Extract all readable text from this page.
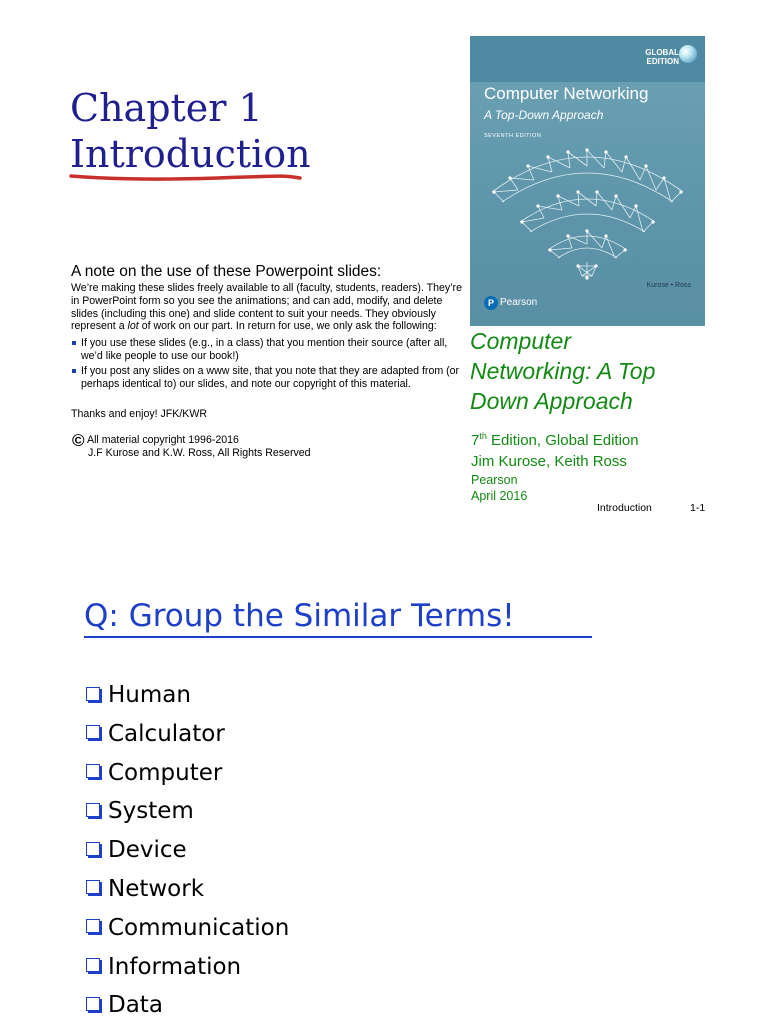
Chapter 1
Introduction

A note on the use of these Powerpoint slides:

We’re making these slides freely available to all (faculty, students, readers). They’re in PowerPoint form so you see the animations; and can add, modify, and delete slides (including this one) and slide content to suit your needs. They obviously represent a lot of work on our part. In return for use, we only ask the following:

If you use these slides (e.g., in a class) that you mention their source (after all, we’d like people to use our book!)
If you post any slides on a www site, that you note that they are adapted from (or perhaps identical to) our slides, and note our copyright of this material.

Thanks and enjoy! JFK/KWR

© All material copyright 1996-2016
J.F Kurose and K.W. Ross, All Rights Reserved
GLOBAL
EDITION
Computer Networking
A Top-Down Approach
SEVENTH EDITION
Kurose • Ross
P Pearson
Computer
Networking: A Top
Down Approach
7th Edition, Global Edition
Jim Kurose, Keith Ross
Pearson
April 2016
Introduction	1-1
Q: Group the Similar Terms!
Human
Calculator
Computer
System
Device
Network
Communication
Information
Data
